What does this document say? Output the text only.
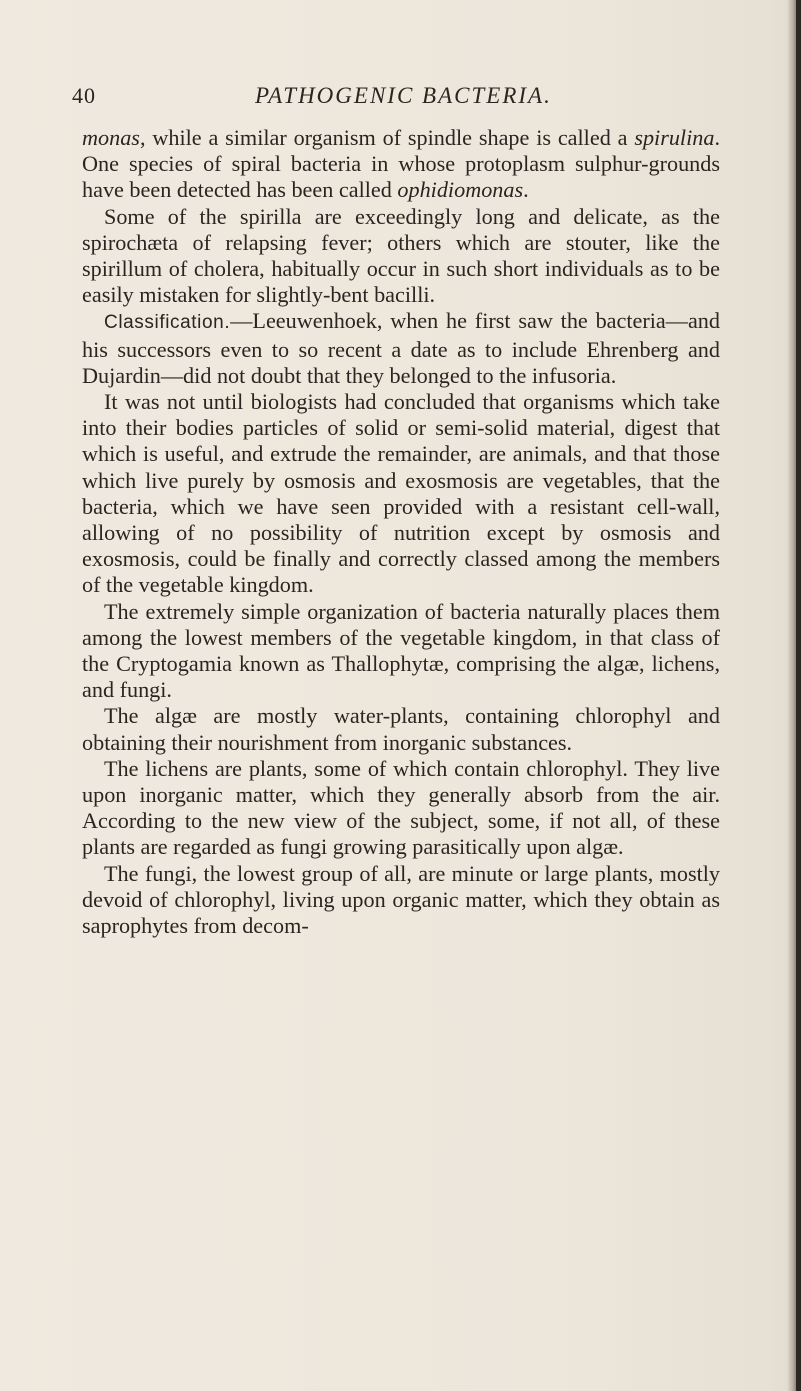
40	PATHOGENIC BACTERIA.

monas, while a similar organism of spindle shape is called a spirulina. One species of spiral bacteria in whose protoplasm sulphur-grounds have been detected has been called ophidiomonas.

Some of the spirilla are exceedingly long and delicate, as the spirochæta of relapsing fever; others which are stouter, like the spirillum of cholera, habitually occur in such short individuals as to be easily mistaken for slightly-bent bacilli.

Classification.—Leeuwenhoek, when he first saw the bacteria—and his successors even to so recent a date as to include Ehrenberg and Dujardin—did not doubt that they belonged to the infusoria.

It was not until biologists had concluded that organisms which take into their bodies particles of solid or semi-solid material, digest that which is useful, and extrude the remainder, are animals, and that those which live purely by osmosis and exosmosis are vegetables, that the bacteria, which we have seen provided with a resistant cell-wall, allowing of no possibility of nutrition except by osmosis and exosmosis, could be finally and correctly classed among the members of the vegetable kingdom.

The extremely simple organization of bacteria naturally places them among the lowest members of the vegetable kingdom, in that class of the Cryptogamia known as Thallophytæ, comprising the algæ, lichens, and fungi.

The algæ are mostly water-plants, containing chlorophyl and obtaining their nourishment from inorganic substances.

The lichens are plants, some of which contain chlorophyl. They live upon inorganic matter, which they generally absorb from the air. According to the new view of the subject, some, if not all, of these plants are regarded as fungi growing parasitically upon algæ.

The fungi, the lowest group of all, are minute or large plants, mostly devoid of chlorophyl, living upon organic matter, which they obtain as saprophytes from decom-
